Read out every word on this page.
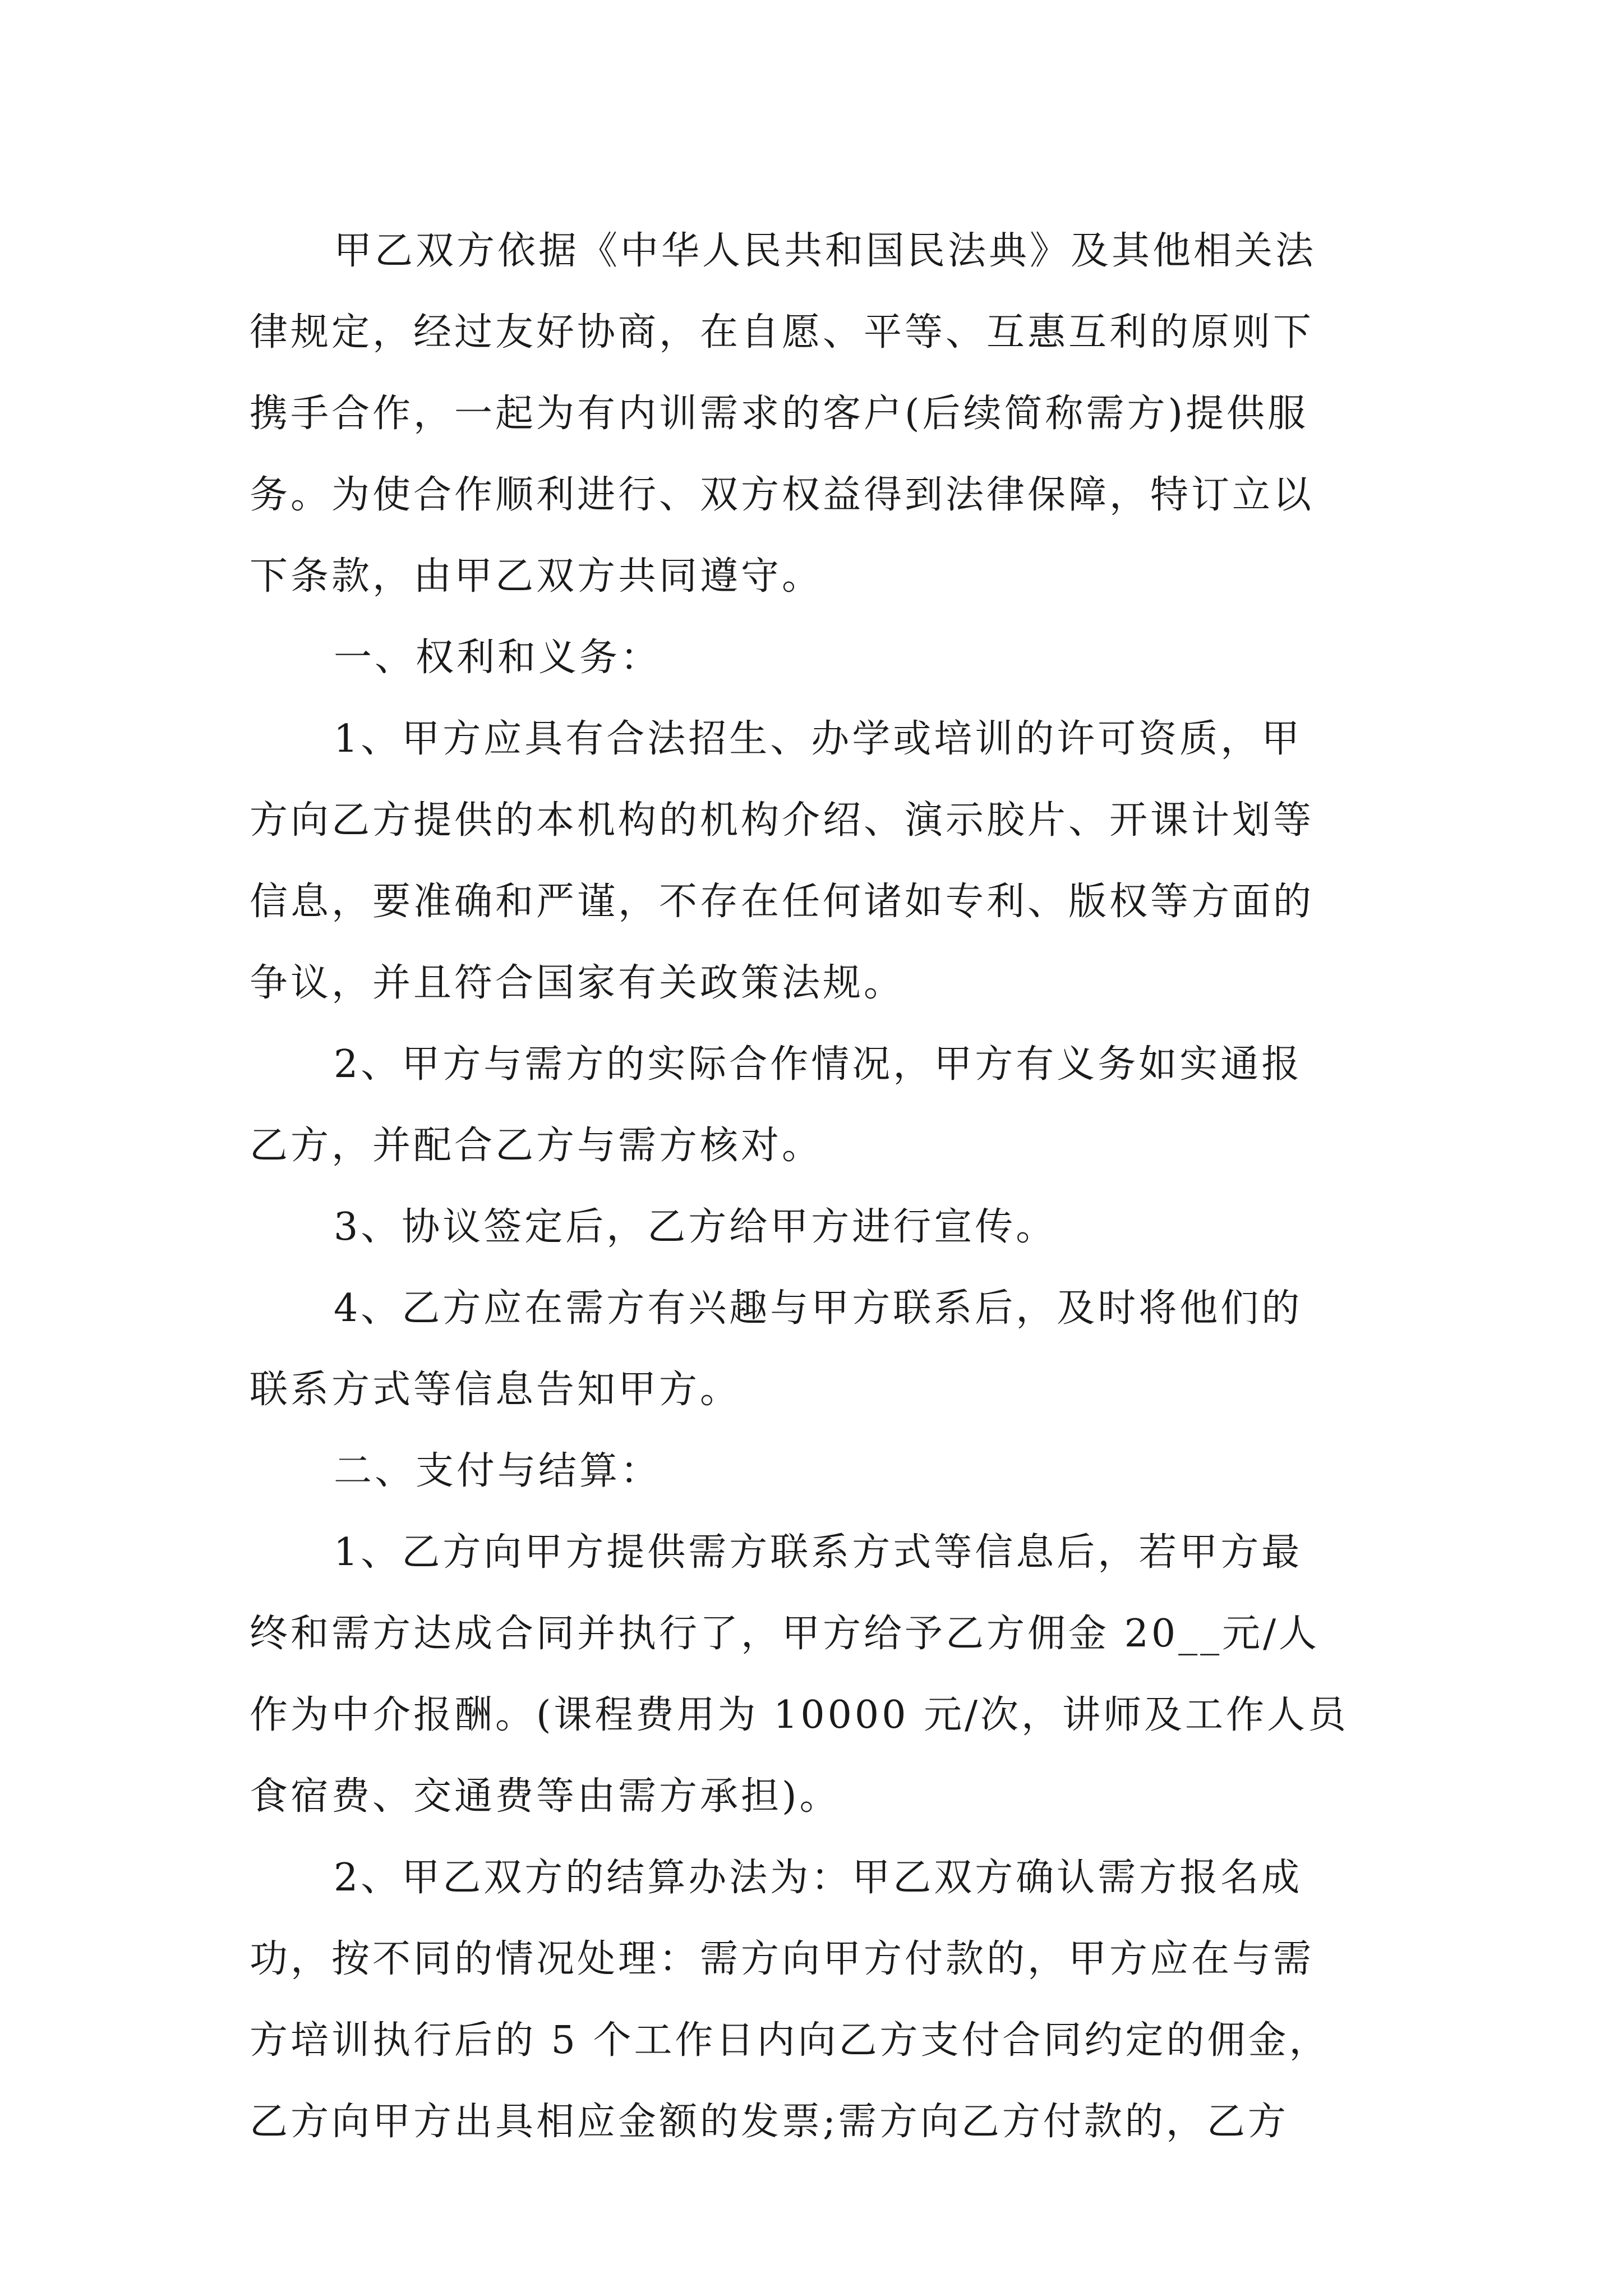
甲乙双方依据《中华人民共和国民法典》及其他相关法
律规定，经过友好协商，在自愿、平等、互惠互利的原则下
携手合作，一起为有内训需求的客户(后续简称需方)提供服
务。为使合作顺利进行、双方权益得到法律保障，特订立以
下条款，由甲乙双方共同遵守。

一、权利和义务：

1、甲方应具有合法招生、办学或培训的许可资质，甲
方向乙方提供的本机构的机构介绍、演示胶片、开课计划等
信息，要准确和严谨，不存在任何诸如专利、版权等方面的
争议，并且符合国家有关政策法规。

2、甲方与需方的实际合作情况，甲方有义务如实通报
乙方，并配合乙方与需方核对。

3、协议签定后，乙方给甲方进行宣传。

4、乙方应在需方有兴趣与甲方联系后，及时将他们的
联系方式等信息告知甲方。

二、支付与结算：

1、乙方向甲方提供需方联系方式等信息后，若甲方最
终和需方达成合同并执行了，甲方给予乙方佣金 20__元/人
作为中介报酬。(课程费用为 10000 元/次，讲师及工作人员
食宿费、交通费等由需方承担)。

2、甲乙双方的结算办法为：甲乙双方确认需方报名成
功，按不同的情况处理：需方向甲方付款的，甲方应在与需
方培训执行后的 5 个工作日内向乙方支付合同约定的佣金，
乙方向甲方出具相应金额的发票;需方向乙方付款的，乙方
